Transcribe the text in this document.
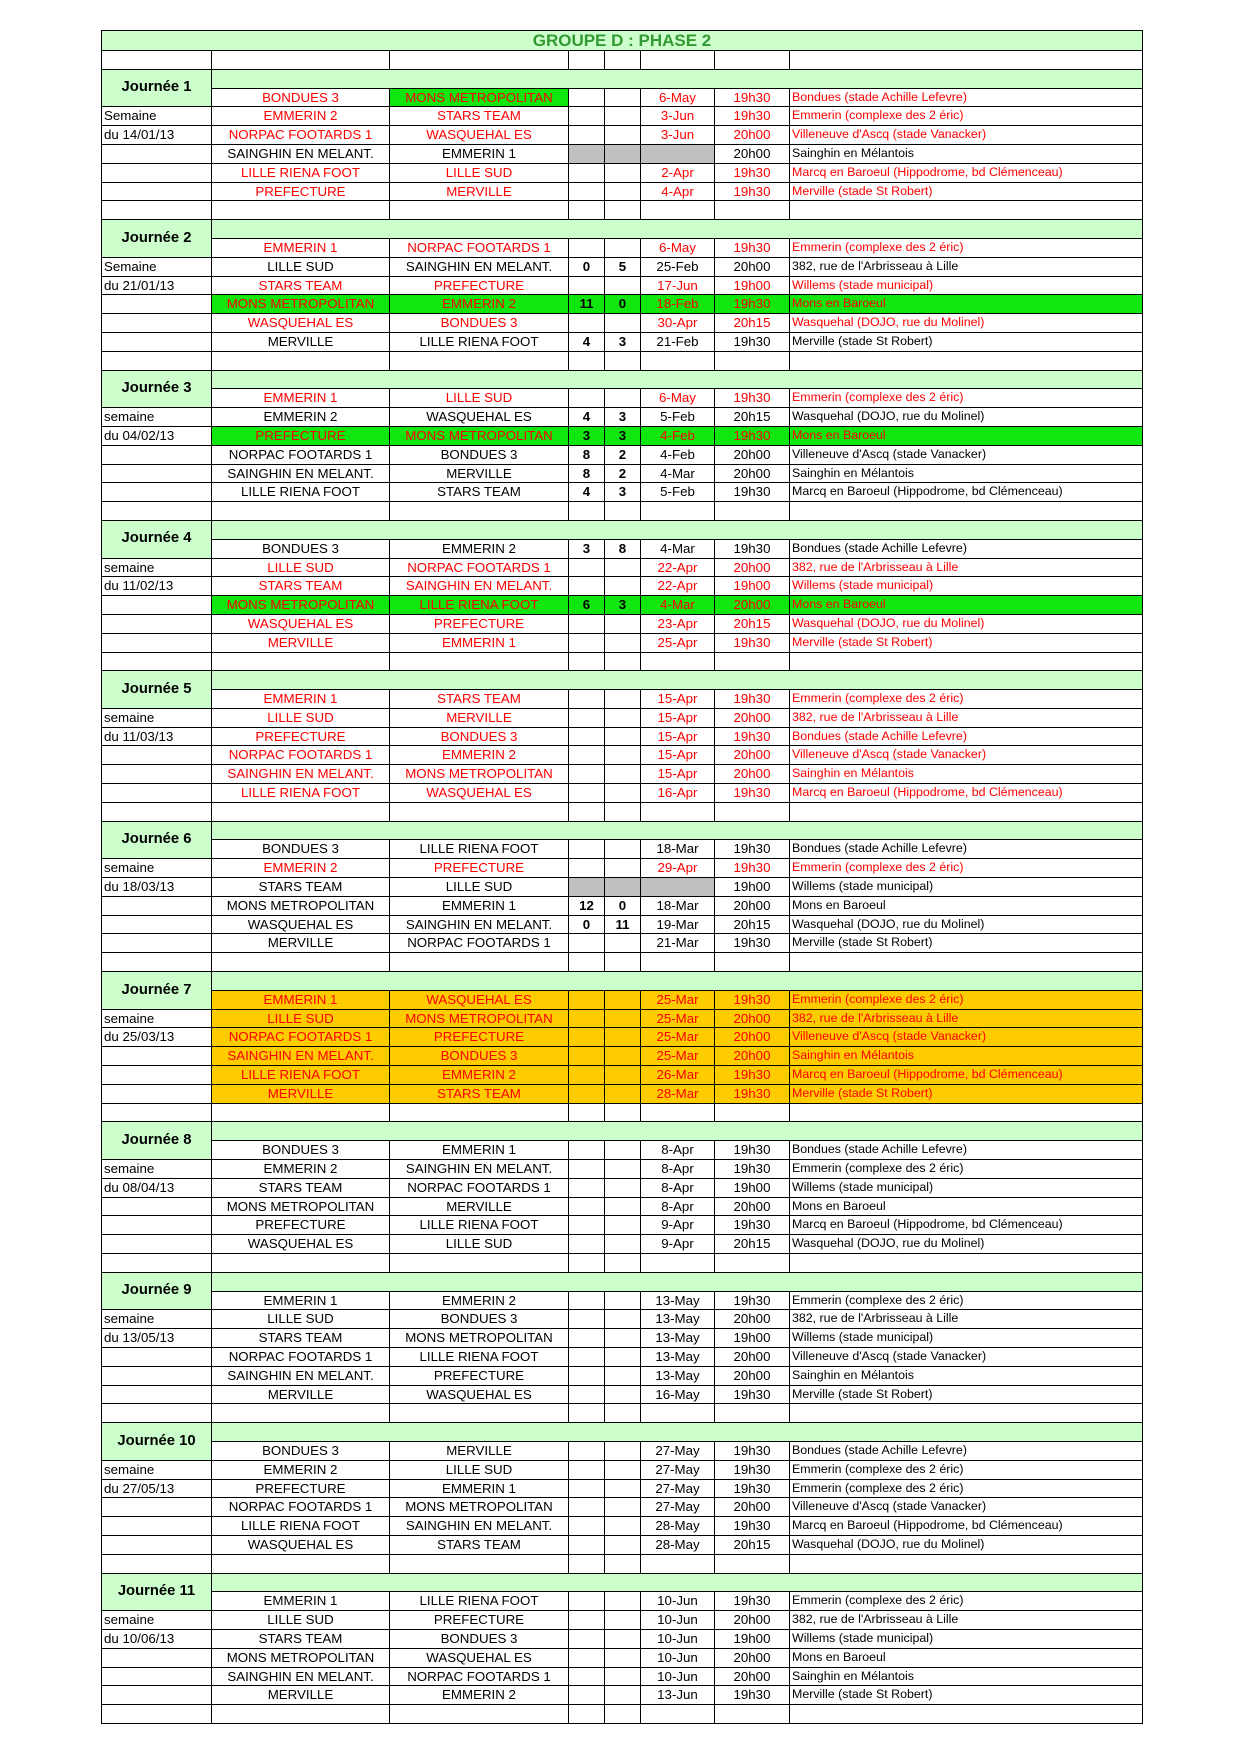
GROUPE D : PHASE 2
Journée 1
Semaine
du 14/01/13
BONDUES 3	MONS METROPOLITAN	6-May	19h30	Bondues (stade Achille Lefevre)
EMMERIN 2	STARS TEAM	3-Jun	19h30	Emmerin (complexe des 2 éric)
NORPAC FOOTARDS 1	WASQUEHAL ES	3-Jun	20h00	Villeneuve d'Ascq (stade Vanacker)
SAINGHIN EN MELANT.	EMMERIN 1	20h00	Sainghin en Mélantois
LILLE RIENA FOOT	LILLE SUD	2-Apr	19h30	Marcq en Baroeul (Hippodrome, bd Clémenceau)
PREFECTURE	MERVILLE	4-Apr	19h30	Merville (stade St Robert)
Journée 2
Semaine
du 21/01/13
EMMERIN 1	NORPAC FOOTARDS 1	6-May	19h30	Emmerin (complexe des 2 éric)
LILLE SUD	SAINGHIN EN MELANT.	0	5	25-Feb	20h00	382, rue de l'Arbrisseau à Lille
STARS TEAM	PREFECTURE	17-Jun	19h00	Willems (stade municipal)
MONS METROPOLITAN	EMMERIN 2	11	0	18-Feb	19h30	Mons en Baroeul
WASQUEHAL ES	BONDUES 3	30-Apr	20h15	Wasquehal (DOJO, rue du Molinel)
MERVILLE	LILLE RIENA FOOT	4	3	21-Feb	19h30	Merville (stade St Robert)
Journée 3
semaine
du 04/02/13
EMMERIN 1	LILLE SUD	6-May	19h30	Emmerin (complexe des 2 éric)
EMMERIN 2	WASQUEHAL ES	4	3	5-Feb	20h15	Wasquehal (DOJO, rue du Molinel)
PREFECTURE	MONS METROPOLITAN	3	3	4-Feb	19h30	Mons en Baroeul
NORPAC FOOTARDS 1	BONDUES 3	8	2	4-Feb	20h00	Villeneuve d'Ascq (stade Vanacker)
SAINGHIN EN MELANT.	MERVILLE	8	2	4-Mar	20h00	Sainghin en Mélantois
LILLE RIENA FOOT	STARS TEAM	4	3	5-Feb	19h30	Marcq en Baroeul (Hippodrome, bd Clémenceau)
Journée 4
semaine
du 11/02/13
BONDUES 3	EMMERIN 2	3	8	4-Mar	19h30	Bondues (stade Achille Lefevre)
LILLE SUD	NORPAC FOOTARDS 1	22-Apr	20h00	382, rue de l'Arbrisseau à Lille
STARS TEAM	SAINGHIN EN MELANT.	22-Apr	19h00	Willems (stade municipal)
MONS METROPOLITAN	LILLE RIENA FOOT	6	3	4-Mar	20h00	Mons en Baroeul
WASQUEHAL ES	PREFECTURE	23-Apr	20h15	Wasquehal (DOJO, rue du Molinel)
MERVILLE	EMMERIN 1	25-Apr	19h30	Merville (stade St Robert)
Journée 5
semaine
du 11/03/13
EMMERIN 1	STARS TEAM	15-Apr	19h30	Emmerin (complexe des 2 éric)
LILLE SUD	MERVILLE	15-Apr	20h00	382, rue de l'Arbrisseau à Lille
PREFECTURE	BONDUES 3	15-Apr	19h30	Bondues (stade Achille Lefevre)
NORPAC FOOTARDS 1	EMMERIN 2	15-Apr	20h00	Villeneuve d'Ascq (stade Vanacker)
SAINGHIN EN MELANT.	MONS METROPOLITAN	15-Apr	20h00	Sainghin en Mélantois
LILLE RIENA FOOT	WASQUEHAL ES	16-Apr	19h30	Marcq en Baroeul (Hippodrome, bd Clémenceau)
Journée 6
semaine
du 18/03/13
BONDUES 3	LILLE RIENA FOOT	18-Mar	19h30	Bondues (stade Achille Lefevre)
EMMERIN 2	PREFECTURE	29-Apr	19h30	Emmerin (complexe des 2 éric)
STARS TEAM	LILLE SUD	19h00	Willems (stade municipal)
MONS METROPOLITAN	EMMERIN 1	12	0	18-Mar	20h00	Mons en Baroeul
WASQUEHAL ES	SAINGHIN EN MELANT.	0	11	19-Mar	20h15	Wasquehal (DOJO, rue du Molinel)
MERVILLE	NORPAC FOOTARDS 1	21-Mar	19h30	Merville (stade St Robert)
Journée 7
semaine
du 25/03/13
EMMERIN 1	WASQUEHAL ES	25-Mar	19h30	Emmerin (complexe des 2 éric)
LILLE SUD	MONS METROPOLITAN	25-Mar	20h00	382, rue de l'Arbrisseau à Lille
NORPAC FOOTARDS 1	PREFECTURE	25-Mar	20h00	Villeneuve d'Ascq (stade Vanacker)
SAINGHIN EN MELANT.	BONDUES 3	25-Mar	20h00	Sainghin en Mélantois
LILLE RIENA FOOT	EMMERIN 2	26-Mar	19h30	Marcq en Baroeul (Hippodrome, bd Clémenceau)
MERVILLE	STARS TEAM	28-Mar	19h30	Merville (stade St Robert)
Journée 8
semaine
du 08/04/13
BONDUES 3	EMMERIN 1	8-Apr	19h30	Bondues (stade Achille Lefevre)
EMMERIN 2	SAINGHIN EN MELANT.	8-Apr	19h30	Emmerin (complexe des 2 éric)
STARS TEAM	NORPAC FOOTARDS 1	8-Apr	19h00	Willems (stade municipal)
MONS METROPOLITAN	MERVILLE	8-Apr	20h00	Mons en Baroeul
PREFECTURE	LILLE RIENA FOOT	9-Apr	19h30	Marcq en Baroeul (Hippodrome, bd Clémenceau)
WASQUEHAL ES	LILLE SUD	9-Apr	20h15	Wasquehal (DOJO, rue du Molinel)
Journée 9
semaine
du 13/05/13
EMMERIN 1	EMMERIN 2	13-May	19h30	Emmerin (complexe des 2 éric)
LILLE SUD	BONDUES 3	13-May	20h00	382, rue de l'Arbrisseau à Lille
STARS TEAM	MONS METROPOLITAN	13-May	19h00	Willems (stade municipal)
NORPAC FOOTARDS 1	LILLE RIENA FOOT	13-May	20h00	Villeneuve d'Ascq (stade Vanacker)
SAINGHIN EN MELANT.	PREFECTURE	13-May	20h00	Sainghin en Mélantois
MERVILLE	WASQUEHAL ES	16-May	19h30	Merville (stade St Robert)
Journée 10
semaine
du 27/05/13
BONDUES 3	MERVILLE	27-May	19h30	Bondues (stade Achille Lefevre)
EMMERIN 2	LILLE SUD	27-May	19h30	Emmerin (complexe des 2 éric)
PREFECTURE	EMMERIN 1	27-May	19h30	Emmerin (complexe des 2 éric)
NORPAC FOOTARDS 1	MONS METROPOLITAN	27-May	20h00	Villeneuve d'Ascq (stade Vanacker)
LILLE RIENA FOOT	SAINGHIN EN MELANT.	28-May	19h30	Marcq en Baroeul (Hippodrome, bd Clémenceau)
WASQUEHAL ES	STARS TEAM	28-May	20h15	Wasquehal (DOJO, rue du Molinel)
Journée 11
semaine
du 10/06/13
EMMERIN 1	LILLE RIENA FOOT	10-Jun	19h30	Emmerin (complexe des 2 éric)
LILLE SUD	PREFECTURE	10-Jun	20h00	382, rue de l'Arbrisseau à Lille
STARS TEAM	BONDUES 3	10-Jun	19h00	Willems (stade municipal)
MONS METROPOLITAN	WASQUEHAL ES	10-Jun	20h00	Mons en Baroeul
SAINGHIN EN MELANT.	NORPAC FOOTARDS 1	10-Jun	20h00	Sainghin en Mélantois
MERVILLE	EMMERIN 2	13-Jun	19h30	Merville (stade St Robert)
